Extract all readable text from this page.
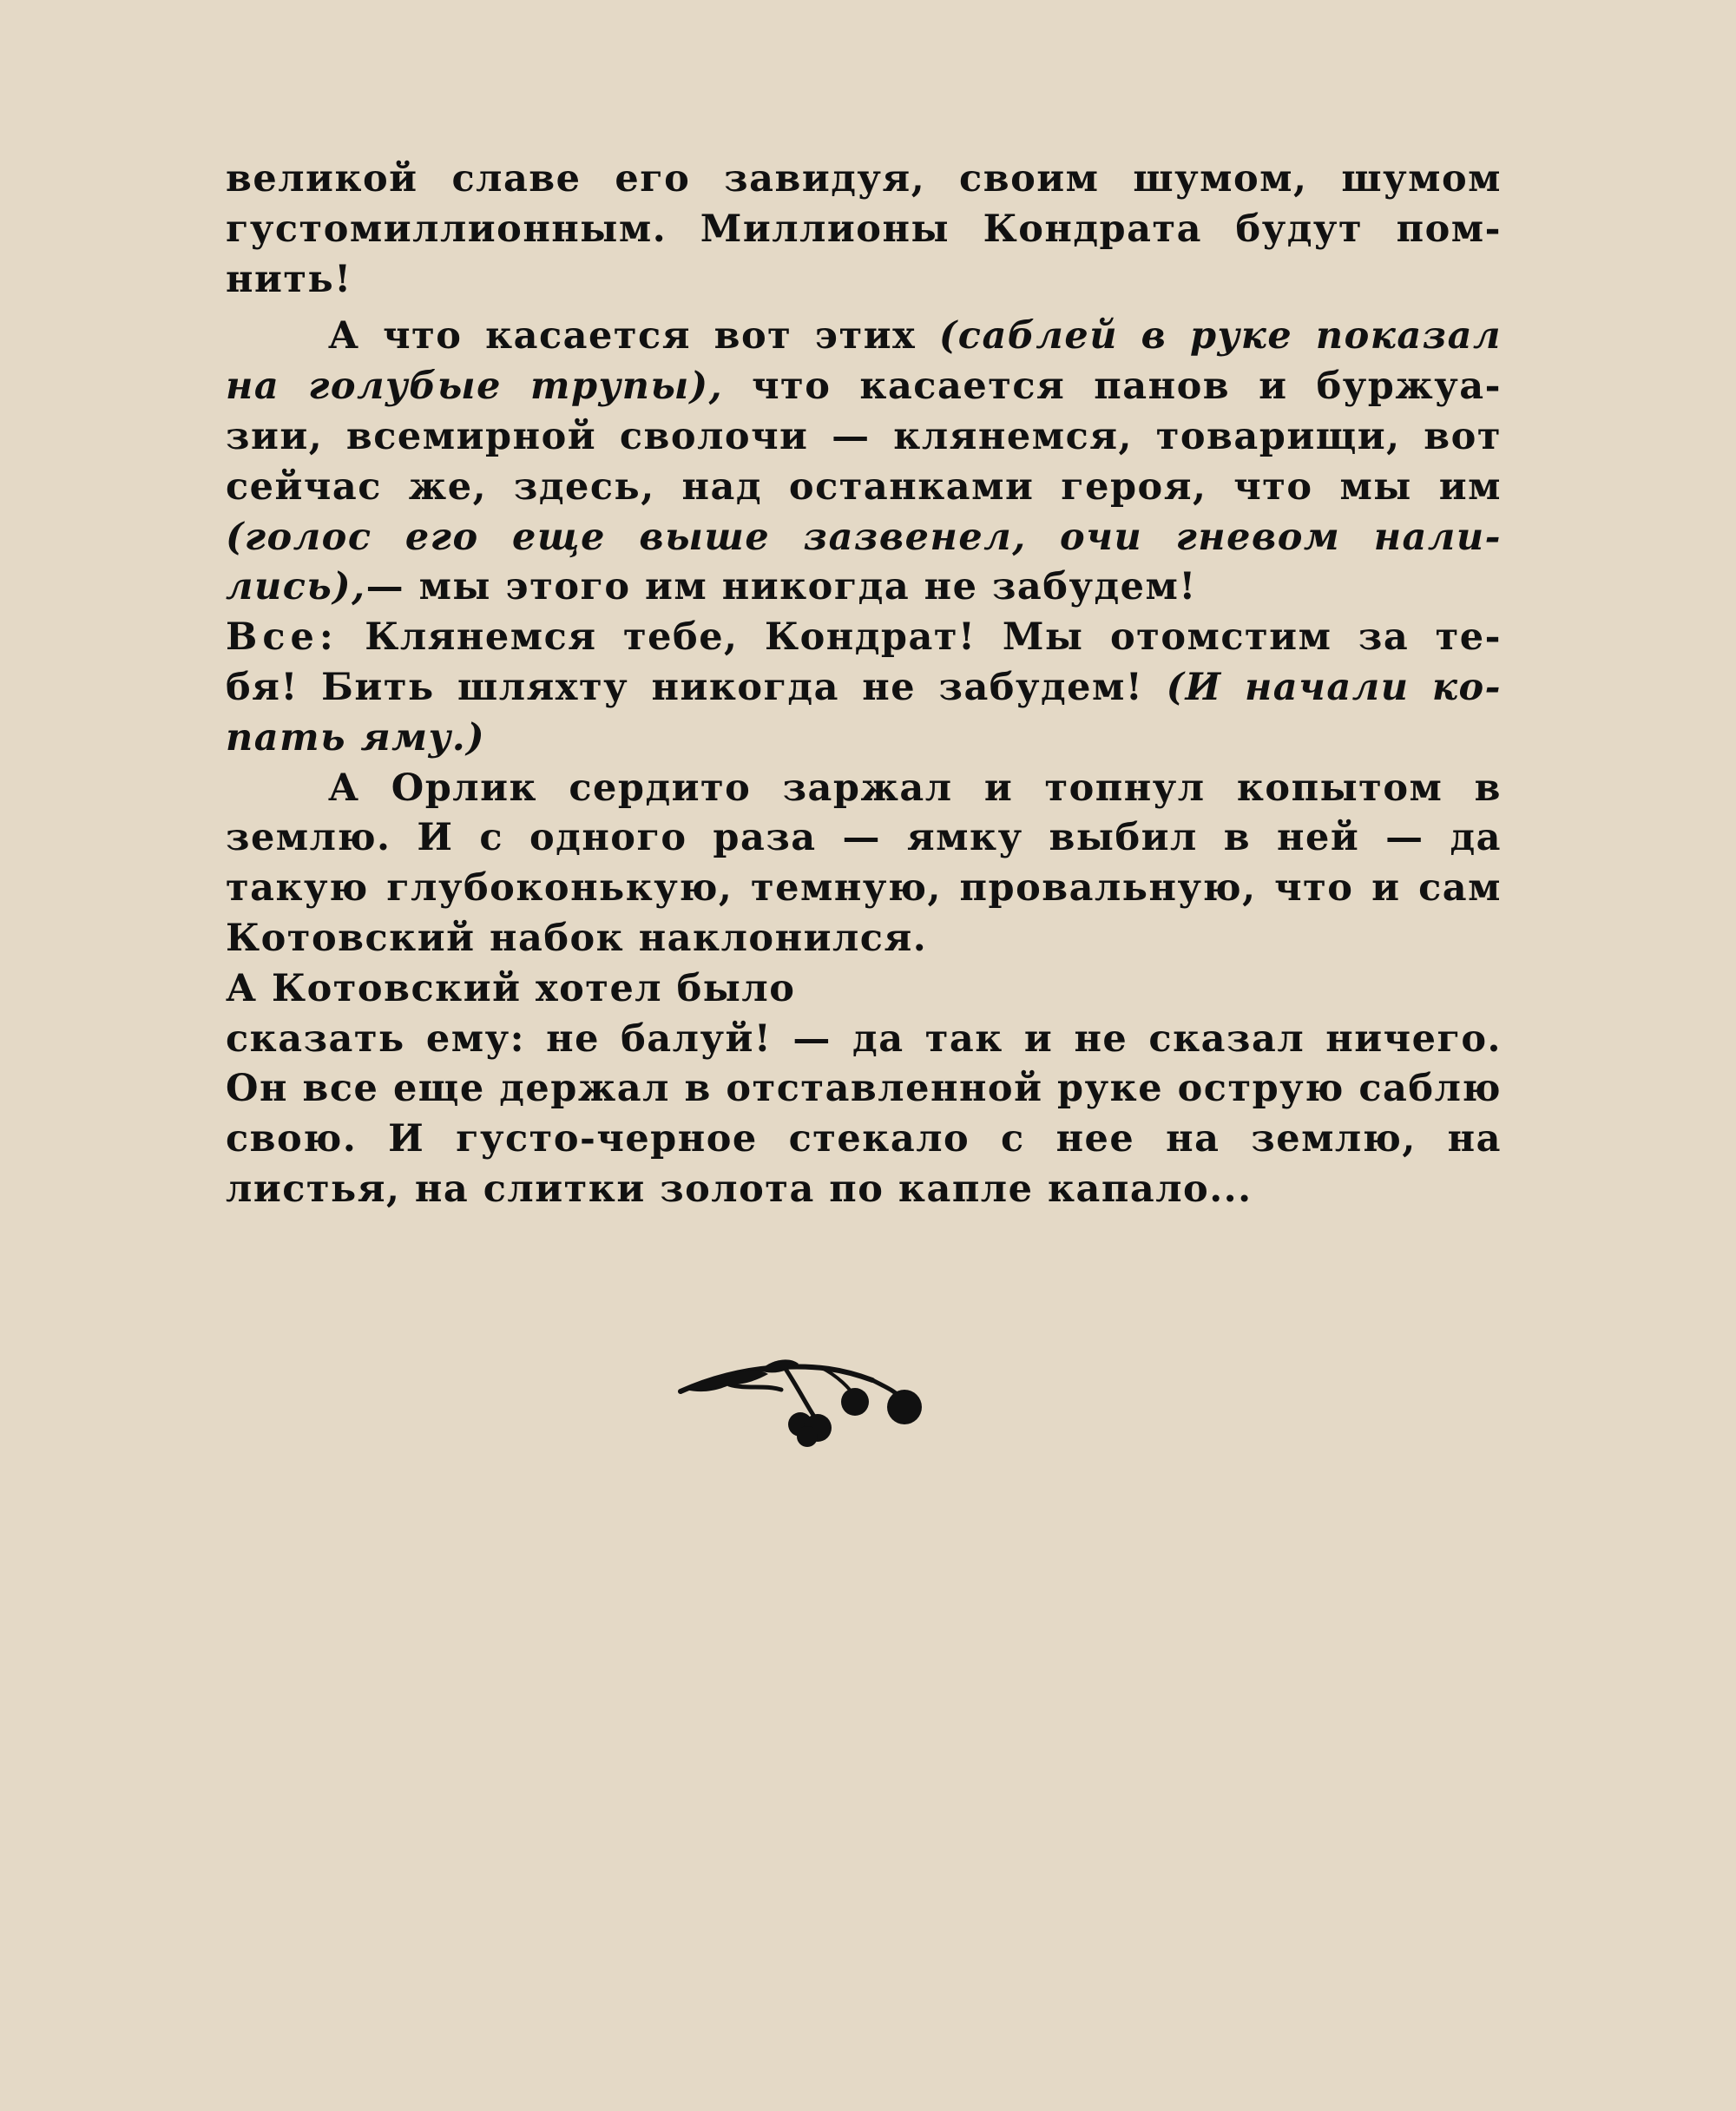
великой славе его завидуя, своим шумом, шумом
густомиллионным. Миллионы Кондрата будут пом-
нить!
А что касается вот этих (саблей в руке показал
на голубые трупы), что касается панов и буржуа-
зии, всемирной сволочи — клянемся, товарищи, вот
сейчас же, здесь, над останками героя, что мы им
(голос его еще выше зазвенел, очи гневом нали-
лись),— мы этого им никогда не забудем!
Все: Клянемся тебе, Кондрат! Мы отомстим за те-
бя! Бить шляхту никогда не забудем! (И начали ко-
пать яму.)
А Орлик сердито заржал и топнул копытом в
землю. И с одного раза — ямку выбил в ней — да
такую глубоконькую, темную, провальную, что и сам
Котовский набок наклонился.
А Котовский хотел было
сказать ему: не балуй! — да так и не сказал ничего.
Он все еще держал в отставленной руке острую саблю
свою. И густо-черное стекало с нее на землю, на
листья, на слитки золота по капле капало...
